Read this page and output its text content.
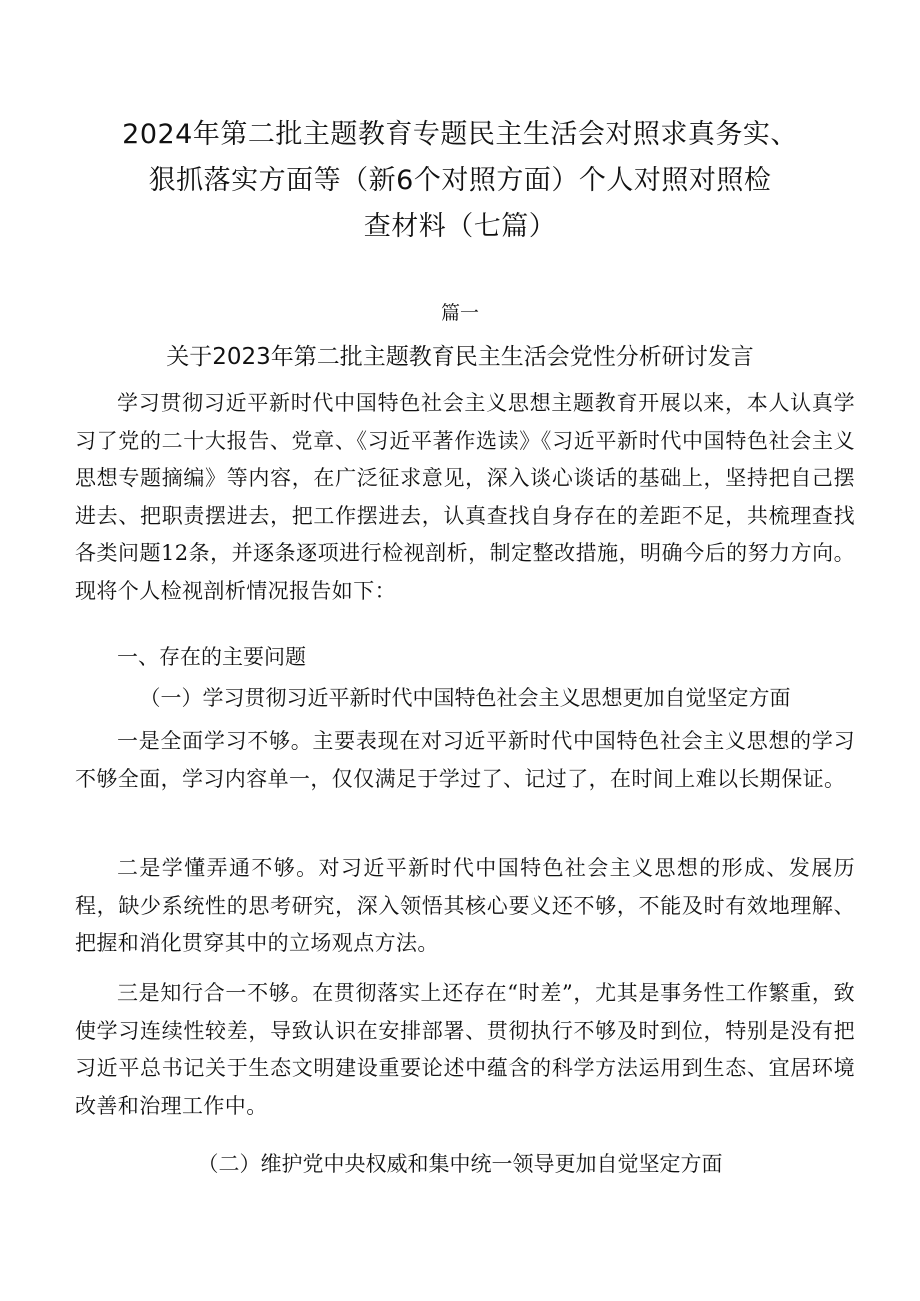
2024年第二批主题教育专题民主生活会对照求真务实、
狠抓落实方面等（新6个对照方面）个人对照对照检
查材料（七篇）
篇一
关于2023年第二批主题教育民主生活会党性分析研讨发言

学习贯彻习近平新时代中国特色社会主义思想主题教育开展以来，本人认真学习了党的二十大报告、党章、《习近平著作选读》《习近平新时代中国特色社会主义思想专题摘编》等内容，在广泛征求意见，深入谈心谈话的基础上，坚持把自己摆进去、把职责摆进去，把工作摆进去，认真查找自身存在的差距不足，共梳理查找各类问题12条，并逐条逐项进行检视剖析，制定整改措施，明确今后的努力方向。现将个人检视剖析情况报告如下：

一、存在的主要问题
（一）学习贯彻习近平新时代中国特色社会主义思想更加自觉坚定方面

一是全面学习不够。主要表现在对习近平新时代中国特色社会主义思想的学习不够全面，学习内容单一，仅仅满足于学过了、记过了，在时间上难以长期保证。

二是学懂弄通不够。对习近平新时代中国特色社会主义思想的形成、发展历程，缺少系统性的思考研究，深入领悟其核心要义还不够，不能及时有效地理解、把握和消化贯穿其中的立场观点方法。

三是知行合一不够。在贯彻落实上还存在“时差”，尤其是事务性工作繁重，致使学习连续性较差，导致认识在安排部署、贯彻执行不够及时到位，特别是没有把习近平总书记关于生态文明建设重要论述中蕴含的科学方法运用到生态、宜居环境改善和治理工作中。

（二）维护党中央权威和集中统一领导更加自觉坚定方面
